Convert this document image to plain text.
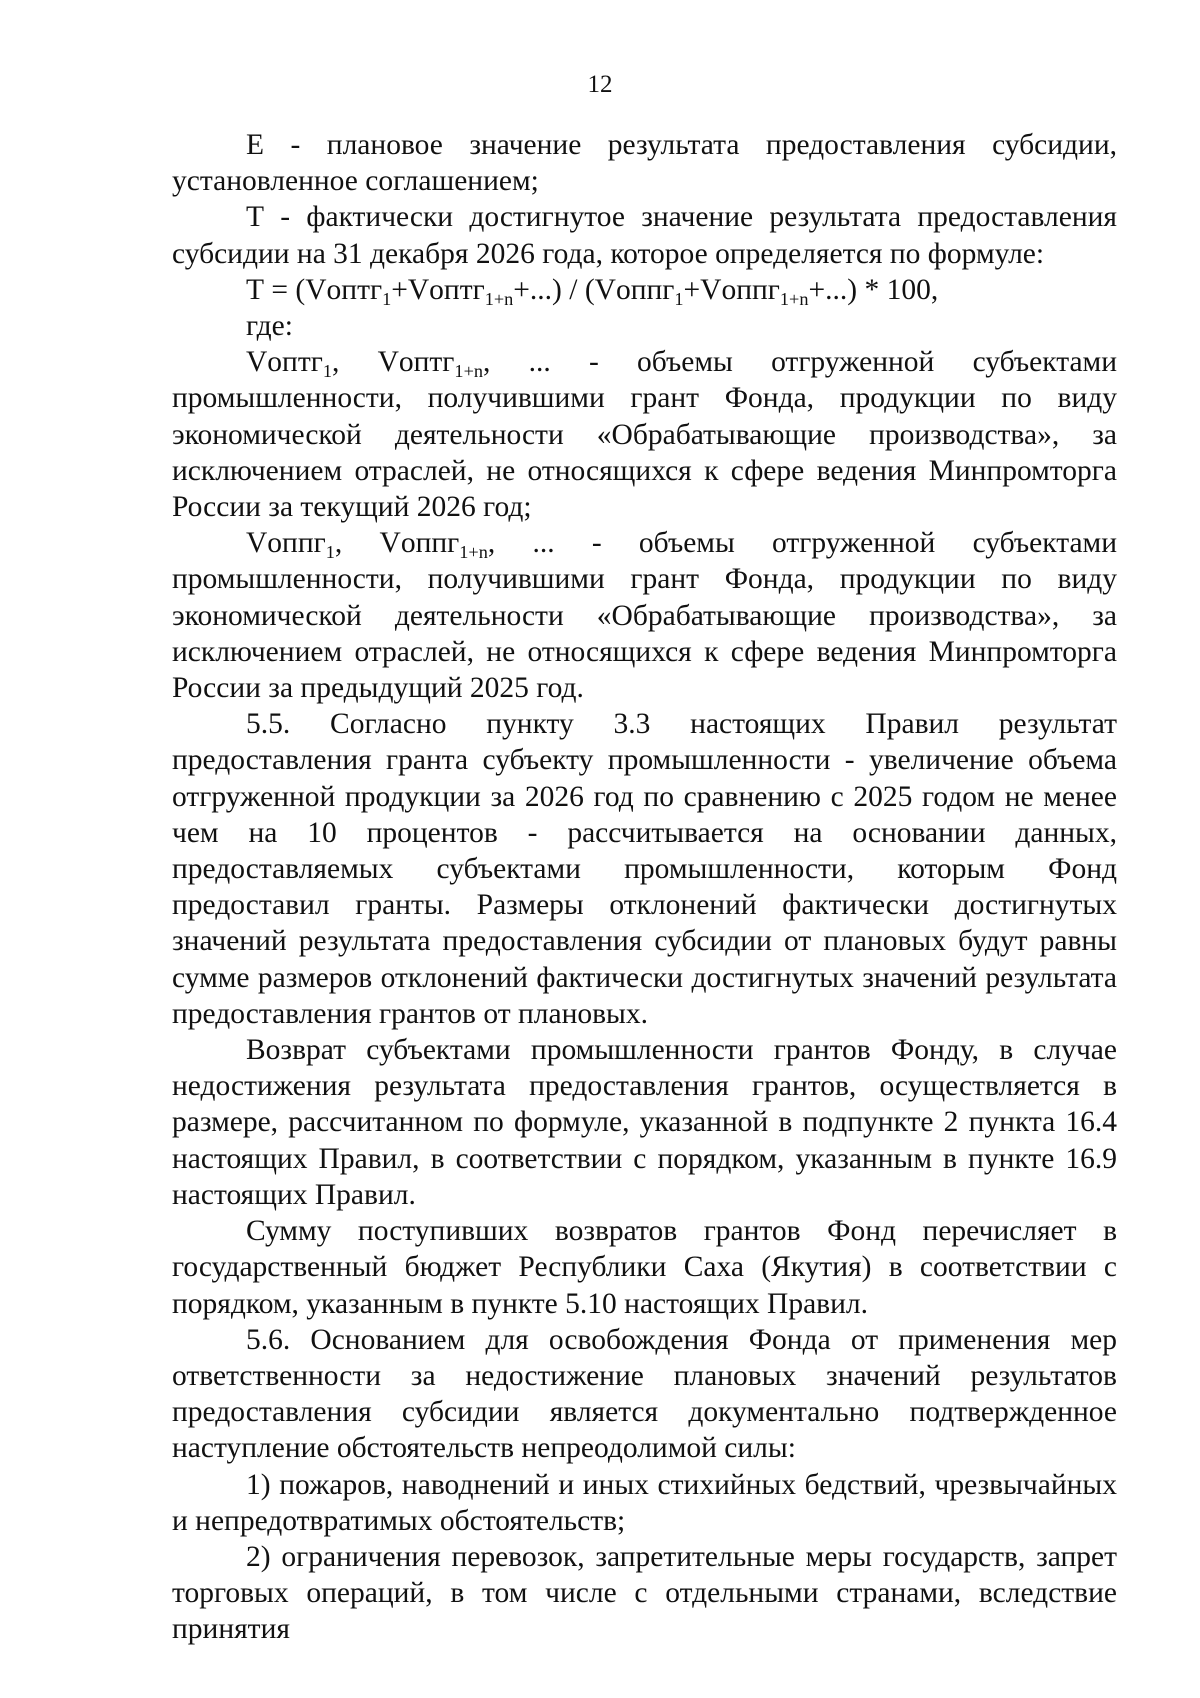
12

Е - плановое значение результата предоставления субсидии, установленное соглашением;

Т - фактически достигнутое значение результата предоставления субсидии на 31 декабря 2026 года, которое определяется по формуле:

Т = (Vоптг$_1$+Vоптг$_{1+n}$+...) / (Vоппг$_1$+Vоппг$_{1+n}$+...) * 100,

где:

Vоптг$_1$, Vоптг$_{1+n}$, ... - объемы отгруженной субъектами промышленности, получившими грант Фонда, продукции по виду экономической деятельности «Обрабатывающие производства», за исключением отраслей, не относящихся к сфере ведения Минпромторга России за текущий 2026 год;

Vоппг$_1$, Vоппг$_{1+n}$, ... - объемы отгруженной субъектами промышленности, получившими грант Фонда, продукции по виду экономической деятельности «Обрабатывающие производства», за исключением отраслей, не относящихся к сфере ведения Минпромторга России за предыдущий 2025 год.

5.5. Согласно пункту 3.3 настоящих Правил результат предоставления гранта субъекту промышленности - увеличение объема отгруженной продукции за 2026 год по сравнению с 2025 годом не менее чем на 10 процентов - рассчитывается на основании данных, предоставляемых субъектами промышленности, которым Фонд предоставил гранты. Размеры отклонений фактически достигнутых значений результата предоставления субсидии от плановых будут равны сумме размеров отклонений фактически достигнутых значений результата предоставления грантов от плановых.

Возврат субъектами промышленности грантов Фонду, в случае недостижения результата предоставления грантов, осуществляется в размере, рассчитанном по формуле, указанной в подпункте 2 пункта 16.4 настоящих Правил, в соответствии с порядком, указанным в пункте 16.9 настоящих Правил.

Сумму поступивших возвратов грантов Фонд перечисляет в государственный бюджет Республики Саха (Якутия) в соответствии с порядком, указанным в пункте 5.10 настоящих Правил.

5.6. Основанием для освобождения Фонда от применения мер ответственности за недостижение плановых значений результатов предоставления субсидии является документально подтвержденное наступление обстоятельств непреодолимой силы:

1) пожаров, наводнений и иных стихийных бедствий, чрезвычайных и непредотвратимых обстоятельств;

2) ограничения перевозок, запретительные меры государств, запрет торговых операций, в том числе с отдельными странами, вследствие принятия
